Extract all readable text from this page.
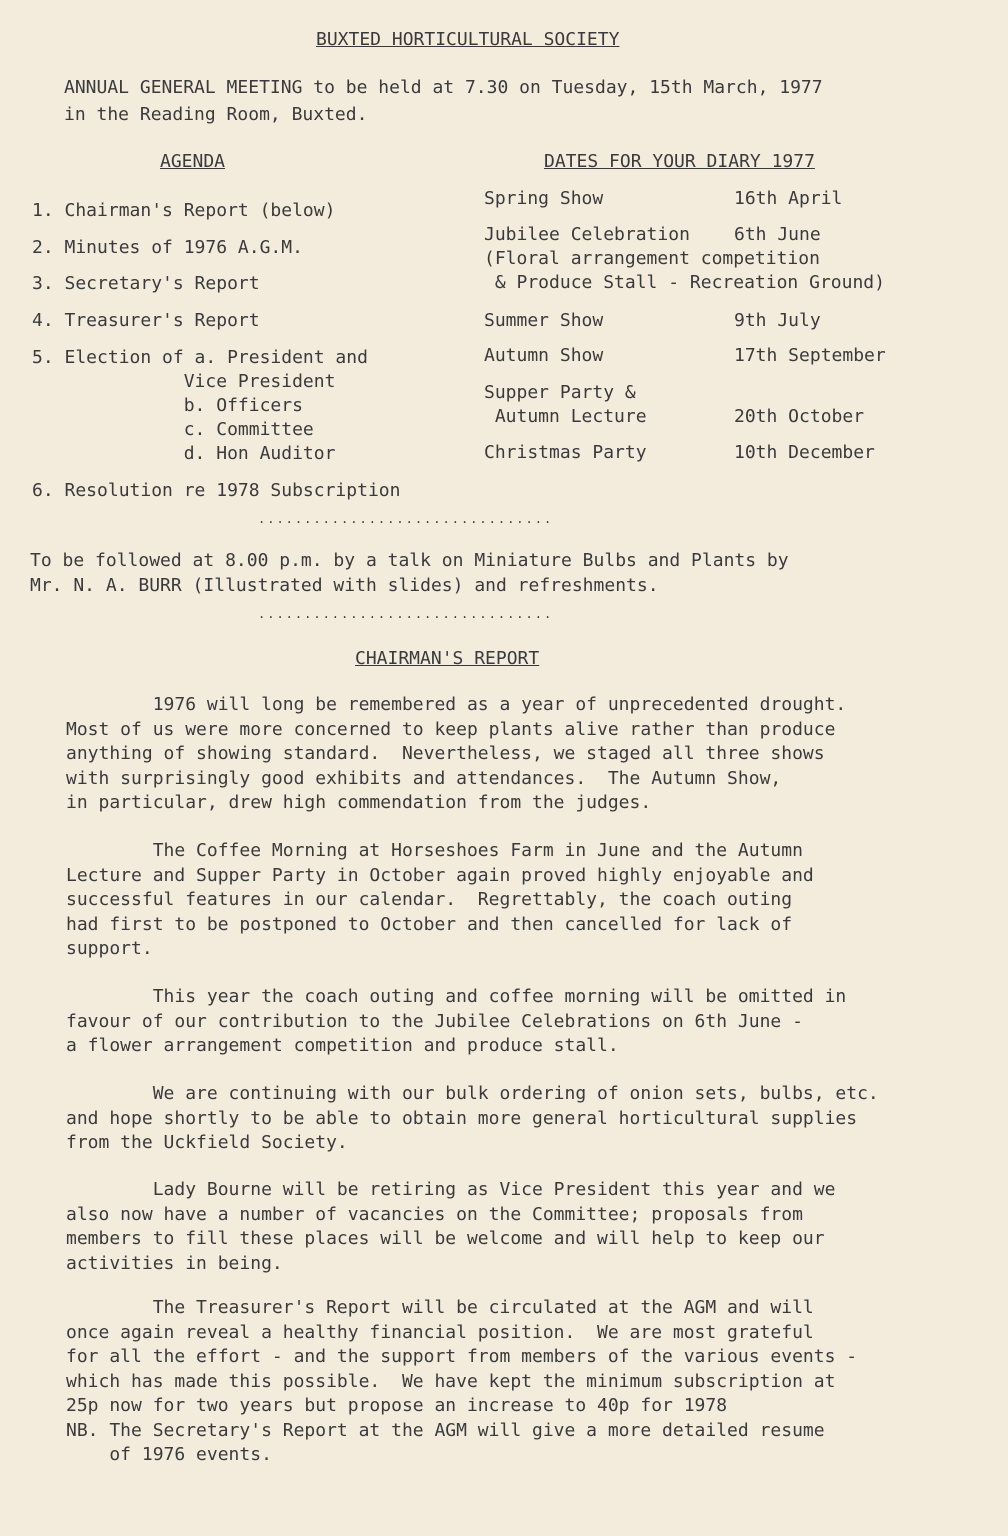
BUXTED HORTICULTURAL SOCIETY
ANNUAL GENERAL MEETING to be held at 7.30 on Tuesday, 15th March, 1977
in the Reading Room, Buxted.
AGENDA
1. Chairman's Report (below)
2. Minutes of 1976 A.G.M.
3. Secretary's Report
4. Treasurer's Report
5. Election of a. President and
Vice President
b. Officers
c. Committee
d. Hon Auditor
6. Resolution re 1978 Subscription
DATES FOR YOUR DIARY 1977
Spring Show	16th April
Jubilee Celebration 6th June
(Floral arrangement competition
& Produce Stall - Recreation Ground)
Summer Show	9th July
Autumn Show	17th September
Supper Party &
Autumn Lecture	20th October
Christmas Party	10th December
................................
To be followed at 8.00 p.m. by a talk on Miniature Bulbs and Plants by
Mr. N. A. BURR (Illustrated with slides) and refreshments.
................................
CHAIRMAN'S REPORT
1976 will long be remembered as a year of unprecedented drought.
Most of us were more concerned to keep plants alive rather than produce
anything of showing standard.  Nevertheless, we staged all three shows
with surprisingly good exhibits and attendances.  The Autumn Show,
in particular, drew high commendation from the judges.
The Coffee Morning at Horseshoes Farm in June and the Autumn
Lecture and Supper Party in October again proved highly enjoyable and
successful features in our calendar.  Regrettably, the coach outing
had first to be postponed to October and then cancelled for lack of
support.
This year the coach outing and coffee morning will be omitted in
favour of our contribution to the Jubilee Celebrations on 6th June -
a flower arrangement competition and produce stall.
We are continuing with our bulk ordering of onion sets, bulbs, etc.
and hope shortly to be able to obtain more general horticultural supplies
from the Uckfield Society.
Lady Bourne will be retiring as Vice President this year and we
also now have a number of vacancies on the Committee; proposals from
members to fill these places will be welcome and will help to keep our
activities in being.
The Treasurer's Report will be circulated at the AGM and will
once again reveal a healthy financial position.  We are most grateful
for all the effort - and the support from members of the various events -
which has made this possible.  We have kept the minimum subscription at
25p now for two years but propose an increase to 40p for 1978
NB. The Secretary's Report at the AGM will give a more detailed resume
of 1976 events.
